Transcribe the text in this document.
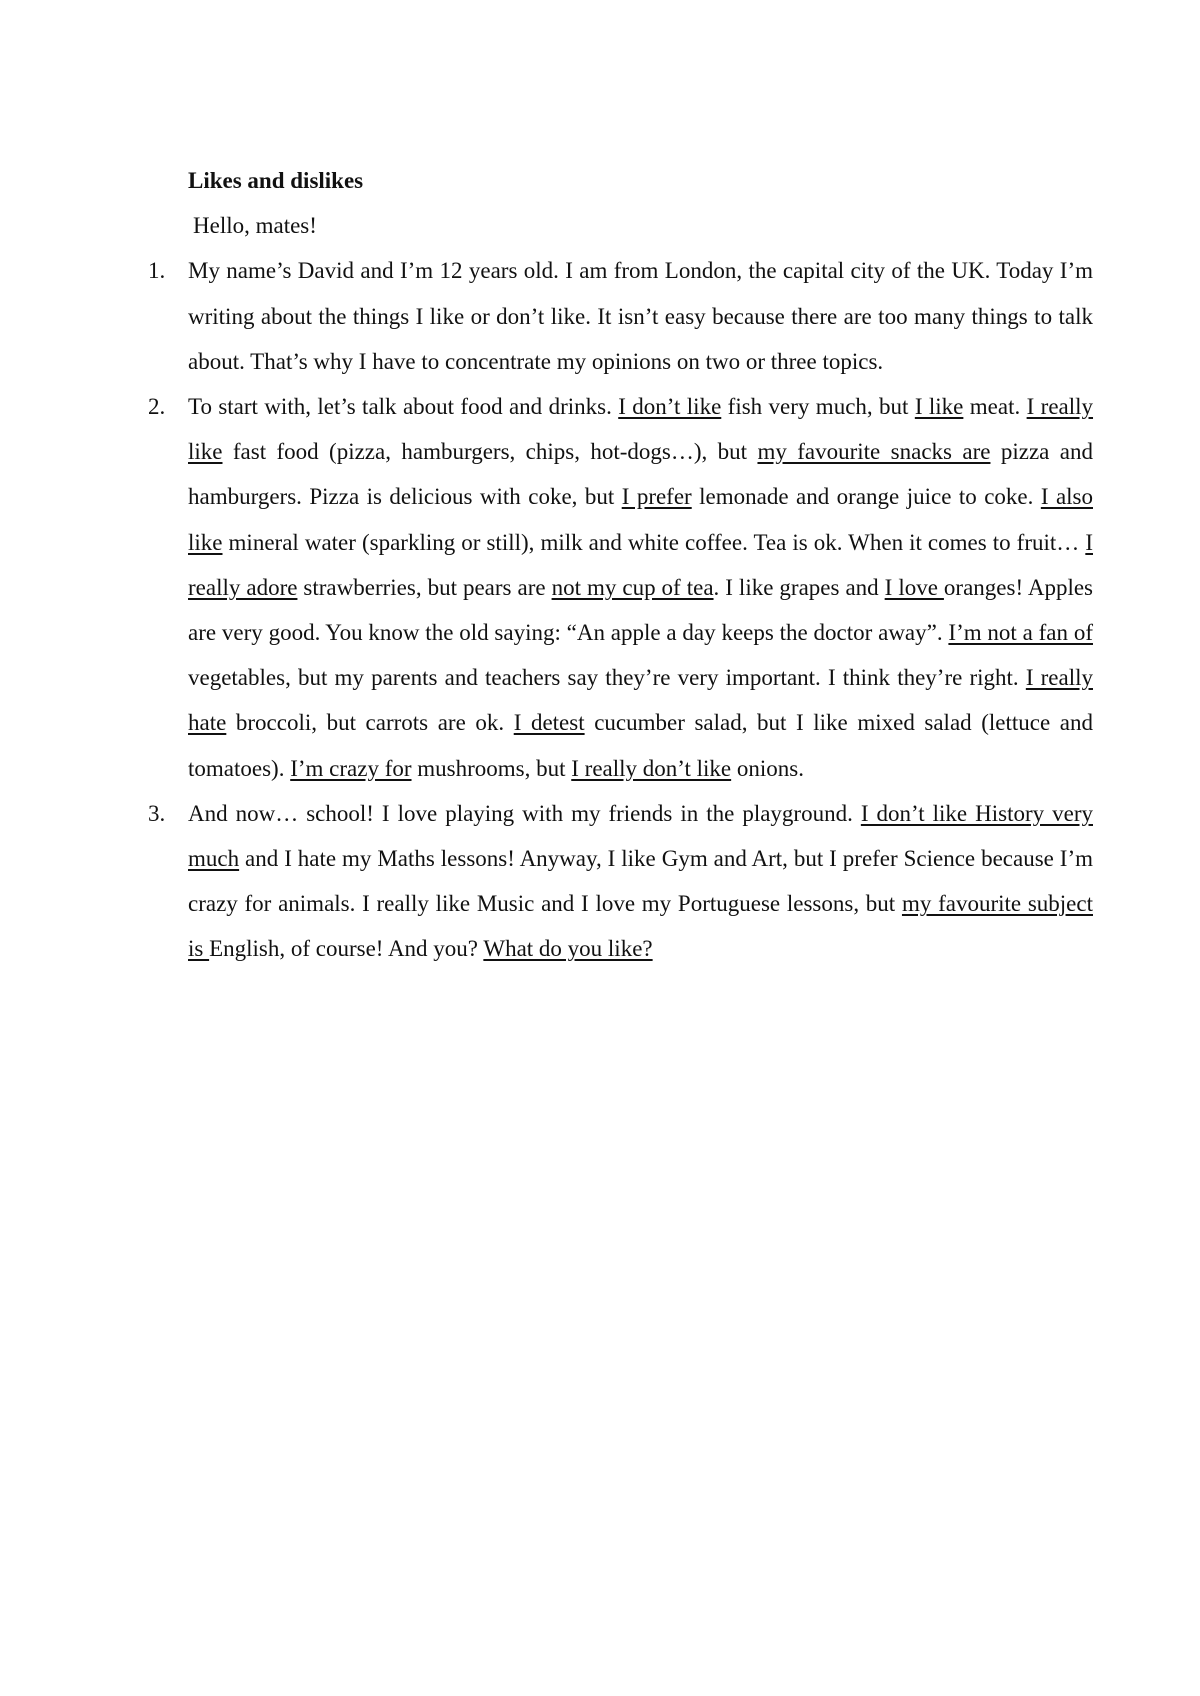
Likes and dislikes

Hello, mates!

1. My name’s David and I’m 12 years old. I am from London, the capital city of the UK. Today I’m writing about the things I like or don’t like. It isn’t easy because there are too many things to talk about. That’s why I have to concentrate my opinions on two or three topics.
2. To start with, let’s talk about food and drinks. I don’t like fish very much, but I like meat. I really like fast food (pizza, hamburgers, chips, hot-dogs…), but my favourite snacks are pizza and hamburgers. Pizza is delicious with coke, but I prefer lemonade and orange juice to coke. I also like mineral water (sparkling or still), milk and white coffee. Tea is ok. When it comes to fruit… I really adore strawberries, but pears are not my cup of tea. I like grapes and I love oranges! Apples are very good. You know the old saying: “An apple a day keeps the doctor away”. I’m not a fan of vegetables, but my parents and teachers say they’re very important. I think they’re right. I really hate broccoli, but carrots are ok. I detest cucumber salad, but I like mixed salad (lettuce and tomatoes). I’m crazy for mushrooms, but I really don’t like onions.
3. And now… school! I love playing with my friends in the playground. I don’t like History very much and I hate my Maths lessons! Anyway, I like Gym and Art, but I prefer Science because I’m crazy for animals. I really like Music and I love my Portuguese lessons, but my favourite subject is English, of course! And you? What do you like?
